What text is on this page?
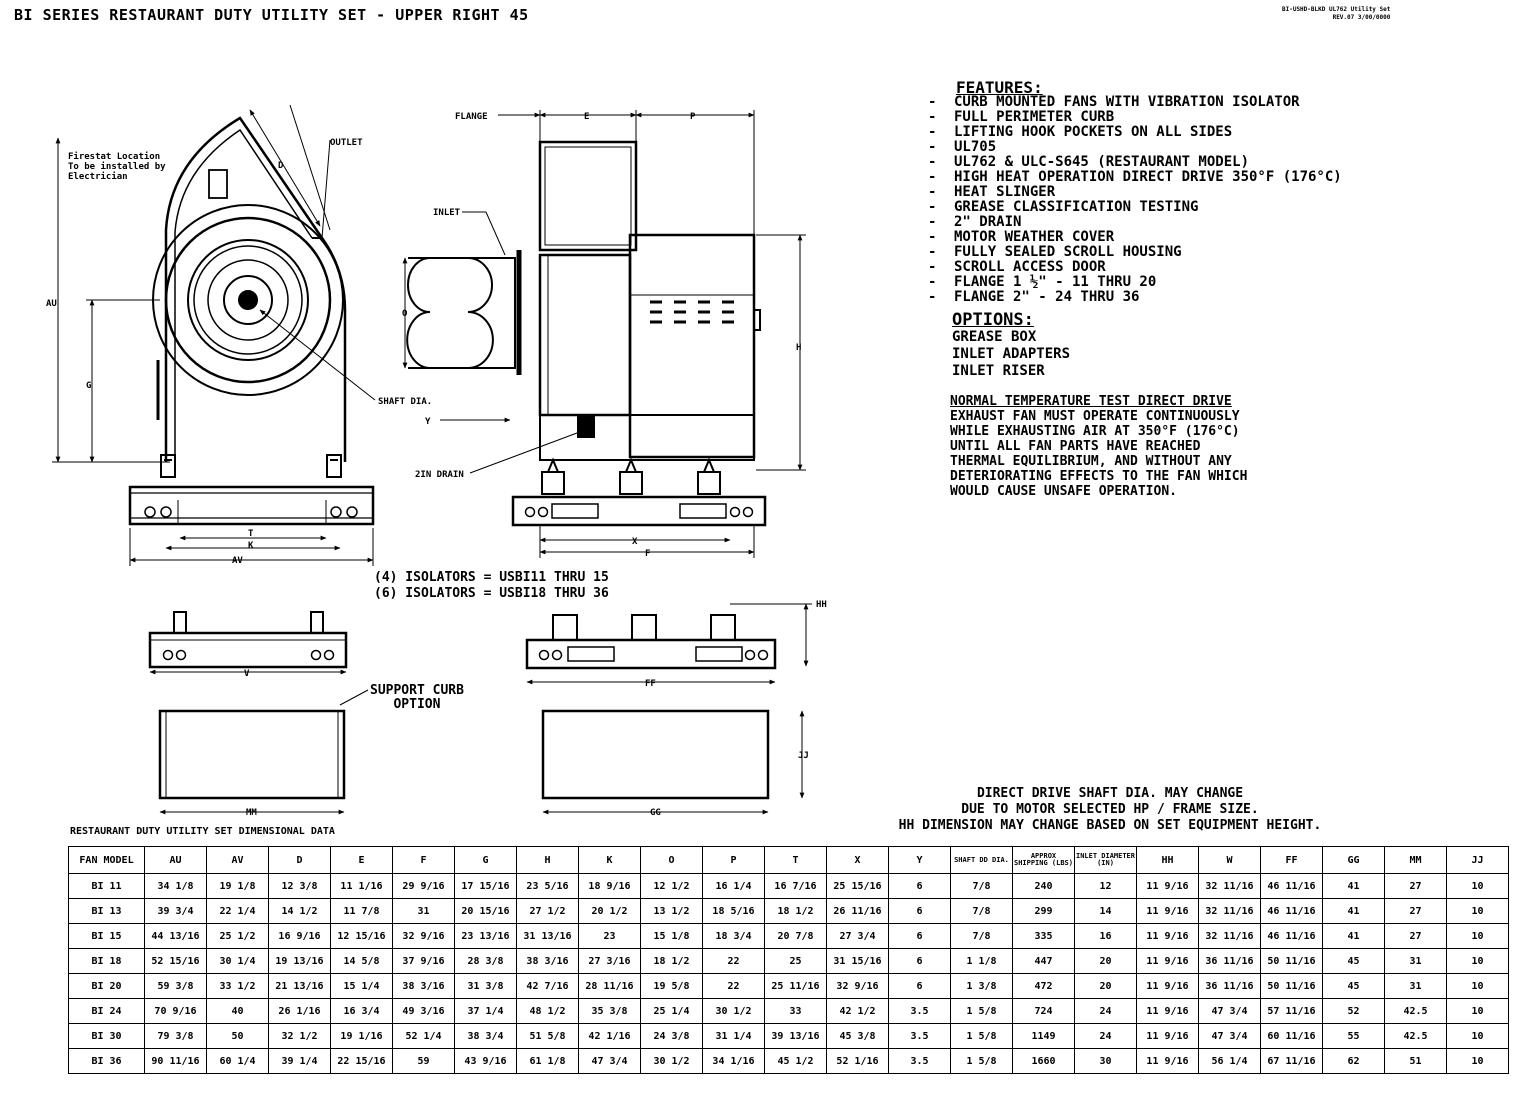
Firestat Location
To be installed by
Electrician
OUTLET
INLET
FLANGE
SHAFT DIA.
2IN DRAIN
D
AU
G
T
K
AV
E	P
O
H
Y
X
F
V
HH
FF
MM	GG
JJ
BI SERIES RESTAURANT DUTY UTILITY SET - UPPER RIGHT 45	BI-USHD-BLKD UL762 Utility Set
REV.07 3/00/0000
FEATURES:
- CURB MOUNTED FANS WITH VIBRATION ISOLATOR
- FULL PERIMETER CURB
- LIFTING HOOK POCKETS ON ALL SIDES
- UL705
- UL762 & ULC-S645 (RESTAURANT MODEL)
- HIGH HEAT OPERATION DIRECT DRIVE 350°F (176°C)
- HEAT SLINGER
- GREASE CLASSIFICATION TESTING
- 2" DRAIN
- MOTOR WEATHER COVER
- FULLY SEALED SCROLL HOUSING
- SCROLL ACCESS DOOR
- FLANGE 1 ½" - 11 THRU 20
- FLANGE 2" - 24 THRU 36
OPTIONS:
GREASE BOX
INLET ADAPTERS
INLET RISER
NORMAL TEMPERATURE TEST DIRECT DRIVE
EXHAUST FAN MUST OPERATE CONTINUOUSLY
WHILE EXHAUSTING AIR AT 350°F (176°C)
UNTIL ALL FAN PARTS HAVE REACHED
THERMAL EQUILIBRIUM, AND WITHOUT ANY
DETERIORATING EFFECTS TO THE FAN WHICH
WOULD CAUSE UNSAFE OPERATION.
(4) ISOLATORS = USBI11 THRU 15
(6) ISOLATORS = USBI18 THRU 36
SUPPORT CURB
OPTION
DIRECT DRIVE SHAFT DIA. MAY CHANGE
DUE TO MOTOR SELECTED HP / FRAME SIZE.
HH DIMENSION MAY CHANGE BASED ON SET EQUIPMENT HEIGHT.
RESTAURANT DUTY UTILITY SET DIMENSIONAL DATA
FAN MODEL	AU	AV	D	E	F	G	H	K	O	P	T	X	Y	SHAFT DD DIA.	APPROX SHIPPING (LBS)	INLET DIAMETER (IN)	HH	W	FF	GG	MM	JJ
BI 11	34 1/8	19 1/8	12 3/8	11 1/16	29 9/16	17 15/16	23 5/16	18 9/16	12 1/2	16 1/4	16 7/16	25 15/16	6	7/8	240	12	11 9/16	32 11/16	46 11/16	41	27	10
BI 13	39 3/4	22 1/4	14 1/2	11 7/8	31	20 15/16	27 1/2	20 1/2	13 1/2	18 5/16	18 1/2	26 11/16	6	7/8	299	14	11 9/16	32 11/16	46 11/16	41	27	10
BI 15	44 13/16	25 1/2	16 9/16	12 15/16	32 9/16	23 13/16	31 13/16	23	15 1/8	18 3/4	20 7/8	27 3/4	6	7/8	335	16	11 9/16	32 11/16	46 11/16	41	27	10
BI 18	52 15/16	30 1/4	19 13/16	14 5/8	37 9/16	28 3/8	38 3/16	27 3/16	18 1/2	22	25	31 15/16	6	1 1/8	447	20	11 9/16	36 11/16	50 11/16	45	31	10
BI 20	59 3/8	33 1/2	21 13/16	15 1/4	38 3/16	31 3/8	42 7/16	28 11/16	19 5/8	22	25 11/16	32 9/16	6	1 3/8	472	20	11 9/16	36 11/16	50 11/16	45	31	10
BI 24	70 9/16	40	26 1/16	16 3/4	49 3/16	37 1/4	48 1/2	35 3/8	25 1/4	30 1/2	33	42 1/2	3.5	1 5/8	724	24	11 9/16	47 3/4	57 11/16	52	42.5	10
BI 30	79 3/8	50	32 1/2	19 1/16	52 1/4	38 3/4	51 5/8	42 1/16	24 3/8	31 1/4	39 13/16	45 3/8	3.5	1 5/8	1149	24	11 9/16	47 3/4	60 11/16	55	42.5	10
BI 36	90 11/16	60 1/4	39 1/4	22 15/16	59	43 9/16	61 1/8	47 3/4	30 1/2	34 1/16	45 1/2	52 1/16	3.5	1 5/8	1660	30	11 9/16	56 1/4	67 11/16	62	51	10
